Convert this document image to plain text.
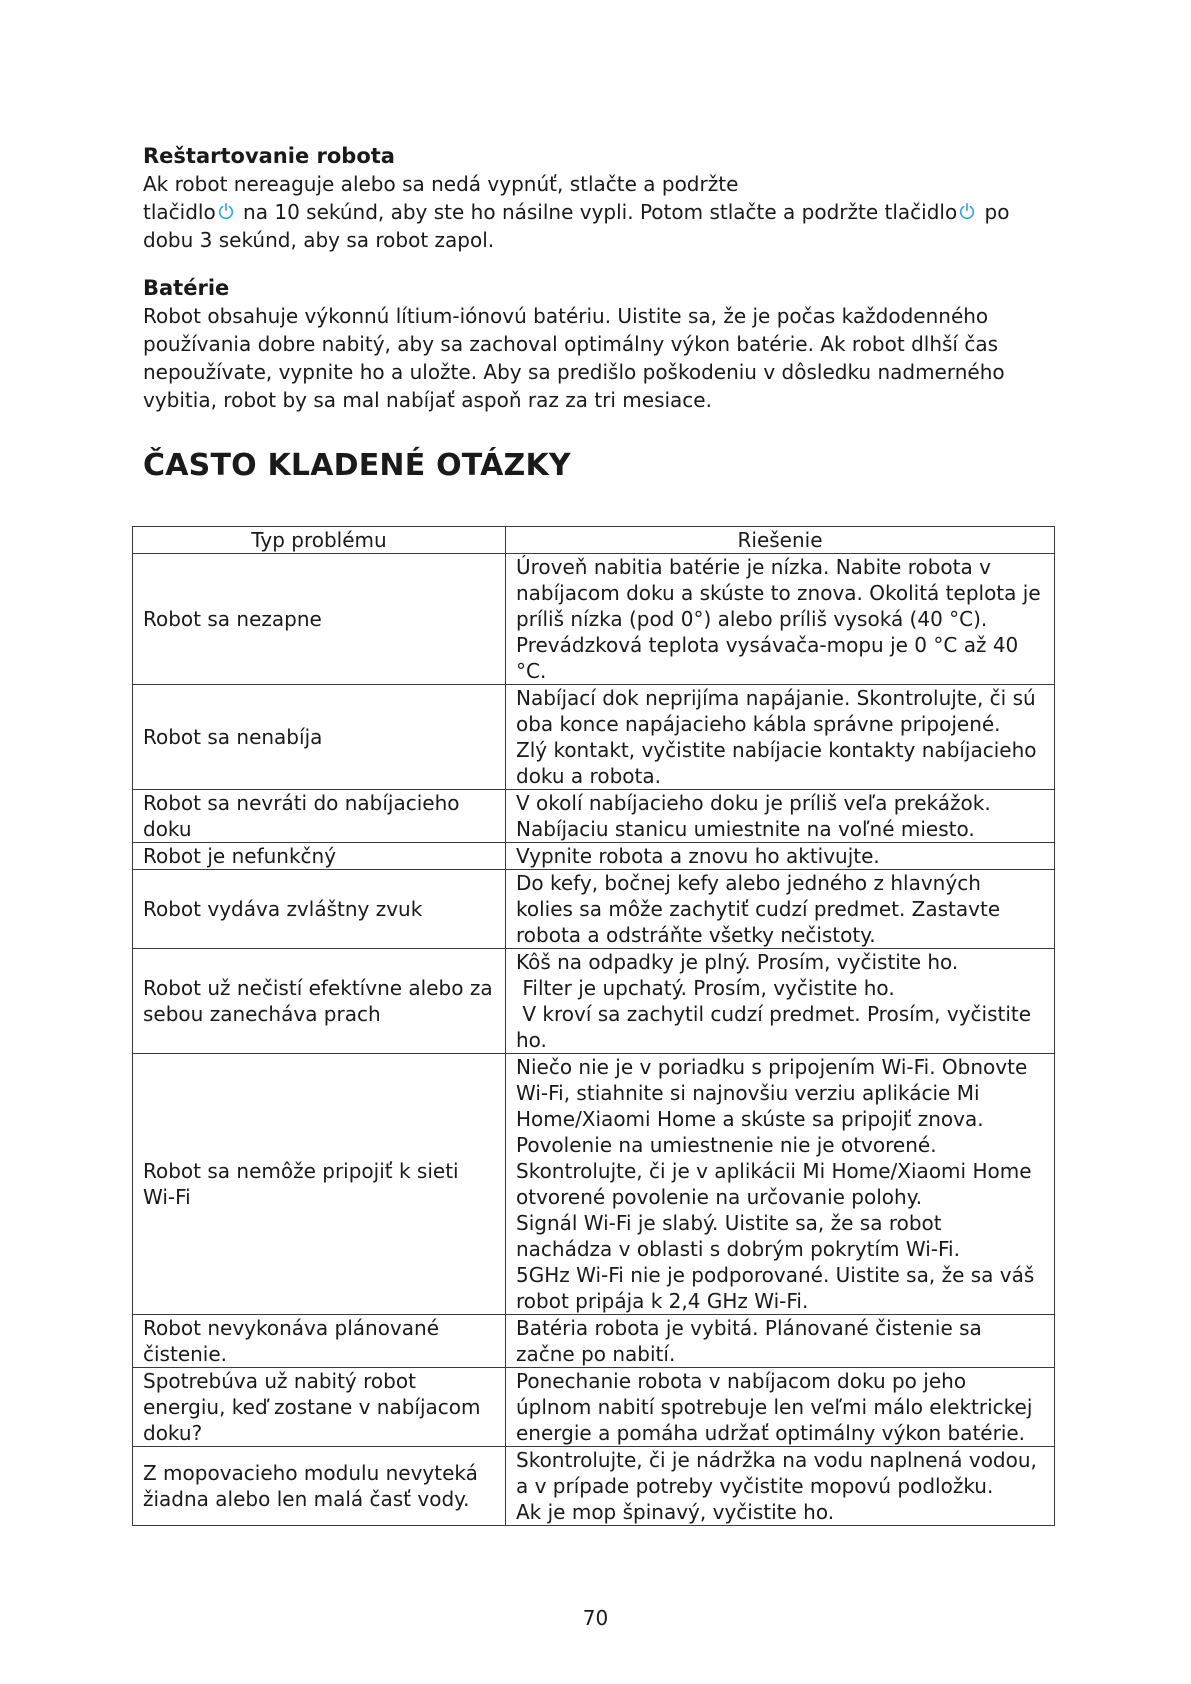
Reštartovanie robota

Ak robot nereaguje alebo sa nedá vypnúť, stlačte a podržte
tlačidlo na 10 sekúnd, aby ste ho násilne vypli. Potom stlačte a podržte tlačidlo po dobu 3 sekúnd, aby sa robot zapol.

Batérie

Robot obsahuje výkonnú lítium-iónovú batériu. Uistite sa, že je počas každodenného používania dobre nabitý, aby sa zachoval optimálny výkon batérie. Ak robot dlhší čas nepoužívate, vypnite ho a uložte. Aby sa predišlo poškodeniu v dôsledku nadmerného vybitia, robot by sa mal nabíjať aspoň raz za tri mesiace.

ČASTO KLADENÉ OTÁZKY
Typ problému	Riešenie
Robot sa nezapne	Úroveň nabitia batérie je nízka. Nabite robota v nabíjacom doku a skúste to znova. Okolitá teplota je príliš nízka (pod 0°) alebo príliš vysoká (40 °C). Prevádzková teplota vysávača-mopu je 0 °C až 40 °C.

Robot sa nenabíja	Nabíjací dok neprijíma napájanie. Skontrolujte, či sú oba konce napájacieho kábla správne pripojené.
Zlý kontakt, vyčistite nabíjacie kontakty nabíjacieho doku a robota.

Robot sa nevráti do nabíjacieho doku	V okolí nabíjacieho doku je príliš veľa prekážok. Nabíjaciu stanicu umiestnite na voľné miesto.

Robot je nefunkčný	Vypnite robota a znovu ho aktivujte.

Robot vydáva zvláštny zvuk	Do kefy, bočnej kefy alebo jedného z hlavných kolies sa môže zachytiť cudzí predmet. Zastavte robota a odstráňte všetky nečistoty.

Robot už nečistí efektívne alebo za sebou zanecháva prach	Kôš na odpadky je plný. Prosím, vyčistite ho.
Filter je upchatý. Prosím, vyčistite ho.
V kroví sa zachytil cudzí predmet. Prosím, vyčistite ho.

Robot sa nemôže pripojiť k sieti Wi-Fi	Niečo nie je v poriadku s pripojením Wi-Fi. Obnovte Wi-Fi, stiahnite si najnovšiu verziu aplikácie Mi Home/Xiaomi Home a skúste sa pripojiť znova.
Povolenie na umiestnenie nie je otvorené. Skontrolujte, či je v aplikácii Mi Home/Xiaomi Home otvorené povolenie na určovanie polohy.
Signál Wi-Fi je slabý. Uistite sa, že sa robot nachádza v oblasti s dobrým pokrytím Wi-Fi.
5GHz Wi-Fi nie je podporované. Uistite sa, že sa váš robot pripája k 2,4 GHz Wi-Fi.

Robot nevykonáva plánované čistenie.	Batéria robota je vybitá. Plánované čistenie sa začne po nabití.

Spotrebúva už nabitý robot energiu, keď zostane v nabíjacom doku?	Ponechanie robota v nabíjacom doku po jeho úplnom nabití spotrebuje len veľmi málo elektrickej energie a pomáha udržať optimálny výkon batérie.

Z mopovacieho modulu nevyteká žiadna alebo len malá časť vody.	Skontrolujte, či je nádržka na vodu naplnená vodou, a v prípade potreby vyčistite mopovú podložku.
Ak je mop špinavý, vyčistite ho.
70
